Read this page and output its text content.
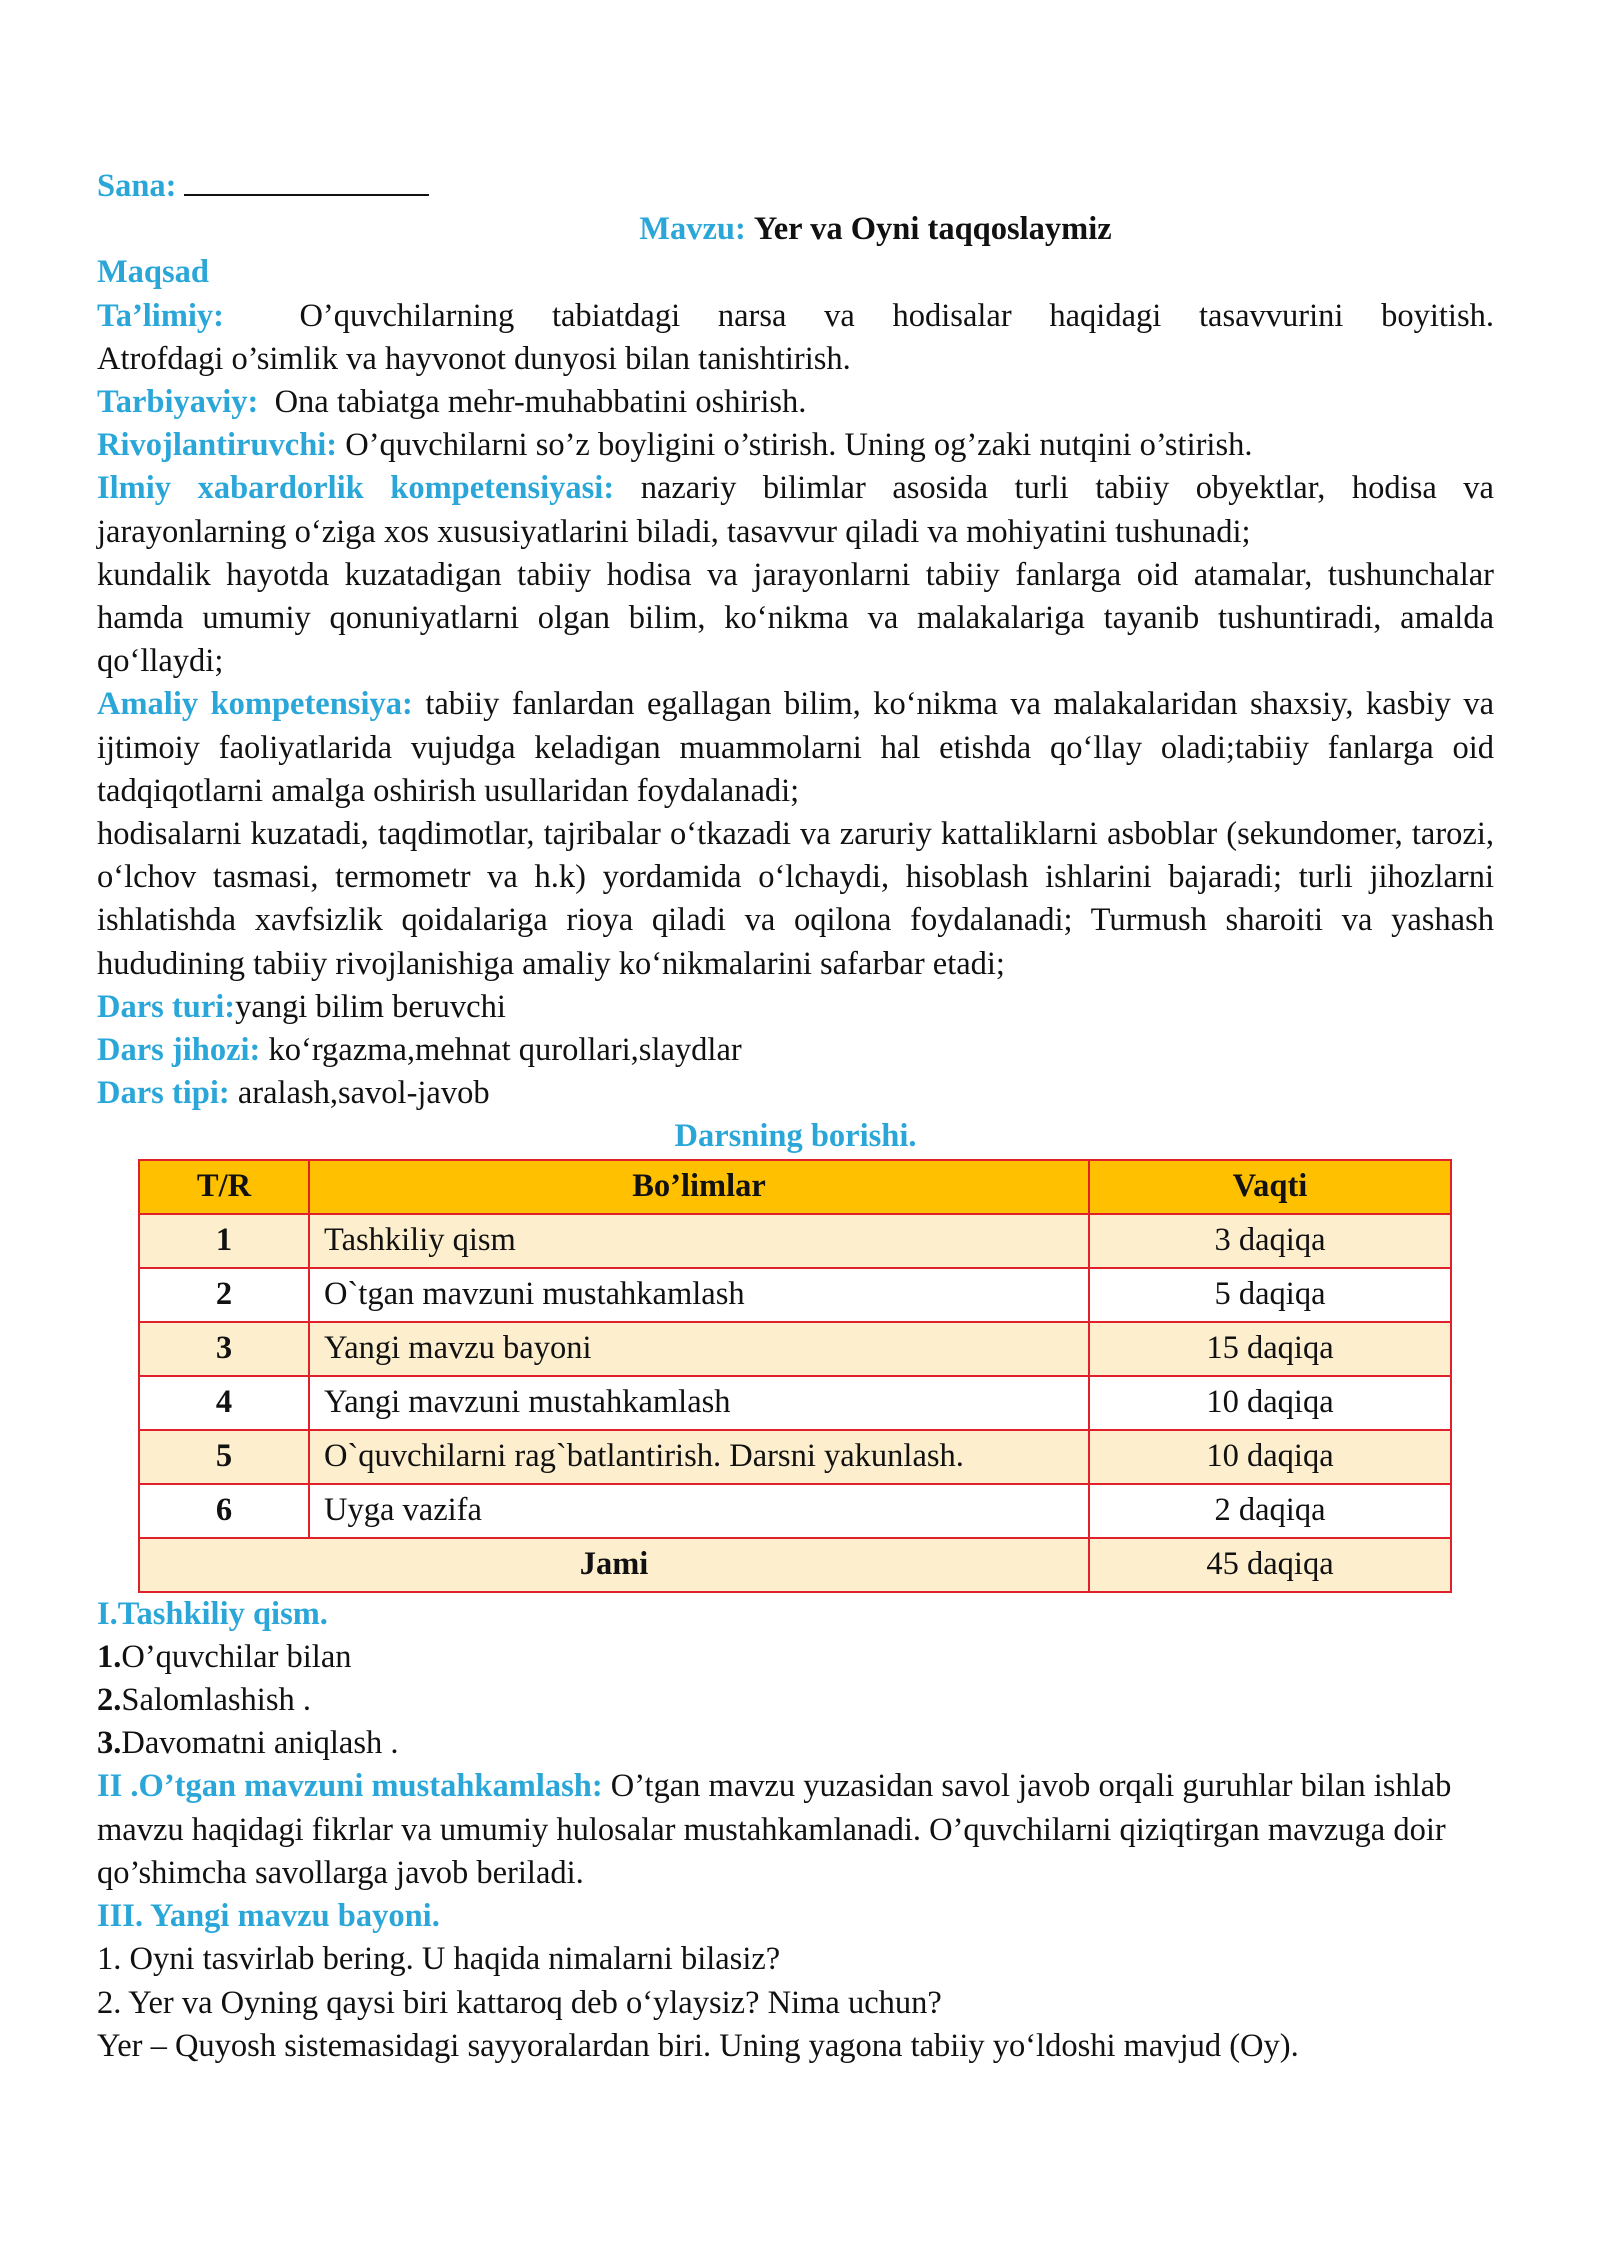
Sana:

Mavzu: Yer va Oyni taqqoslaymiz

Maqsad

Ta’limiy: O’quvchilarning tabiatdagi narsa va hodisalar haqidagi tasavvurini boyitish.

Atrofdagi o’simlik va hayvonot dunyosi bilan tanishtirish.

Tarbiyaviy: Ona tabiatga mehr-muhabbatini oshirish.

Rivojlantiruvchi: O’quvchilarni so’z boyligini o’stirish. Uning og’zaki nutqini o’stirish.

Ilmiy xabardorlik kompetensiyasi: nazariy bilimlar asosida turli tabiiy obyektlar, hodisa va jarayonlarning o‘ziga xos xususiyatlarini biladi, tasavvur qiladi va mohiyatini tushunadi;

kundalik hayotda kuzatadigan tabiiy hodisa va jarayonlarni tabiiy fanlarga oid atamalar, tushunchalar hamda umumiy qonuniyatlarni olgan bilim, ko‘nikma va malakalariga tayanib tushuntiradi, amalda qo‘llaydi;

Amaliy kompetensiya: tabiiy fanlardan egallagan bilim, ko‘nikma va malakalaridan shaxsiy, kasbiy va ijtimoiy faoliyatlarida vujudga keladigan muammolarni hal etishda qo‘llay oladi;tabiiy fanlarga oid tadqiqotlarni amalga oshirish usullaridan foydalanadi;

hodisalarni kuzatadi, taqdimotlar, tajribalar o‘tkazadi va zaruriy kattaliklarni asboblar (sekundomer, tarozi, o‘lchov tasmasi, termometr va h.k) yordamida o‘lchaydi, hisoblash ishlarini bajaradi; turli jihozlarni ishlatishda xavfsizlik qoidalariga rioya qiladi va oqilona foydalanadi; Turmush sharoiti va yashash hududining tabiiy rivojlanishiga amaliy ko‘nikmalarini safarbar etadi;

Dars turi:yangi bilim beruvchi

Dars jihozi: ko‘rgazma,mehnat qurollari,slaydlar

Dars tipi: aralash,savol-javob

Darsning borishi.

T/R	Bo’limlar	Vaqti
1	Tashkiliy qism	3 daqiqa
2	O`tgan mavzuni mustahkamlash	5 daqiqa
3	Yangi mavzu bayoni	15 daqiqa
4	Yangi mavzuni mustahkamlash	10 daqiqa
5	O`quvchilarni rag`batlantirish. Darsni yakunlash.	10 daqiqa
6	Uyga vazifa	2 daqiqa
Jami		45 daqiqa

I.Tashkiliy qism.

1.O’quvchilar bilan

2.Salomlashish .

3.Davomatni aniqlash .

II .O’tgan mavzuni mustahkamlash: O’tgan mavzu yuzasidan savol javob orqali guruhlar bilan ishlab mavzu haqidagi fikrlar va umumiy hulosalar mustahkamlanadi. O’quvchilarni qiziqtirgan mavzuga doir qo’shimcha savollarga javob beriladi.

III. Yangi mavzu bayoni.

1. Oyni tasvirlab bering. U haqida nimalarni bilasiz?

2. Yer va Oyning qaysi biri kattaroq deb o‘ylaysiz? Nima uchun?

Yer – Quyosh sistemasidagi sayyoralardan biri. Uning yagona tabiiy yo‘ldoshi mavjud (Oy).
